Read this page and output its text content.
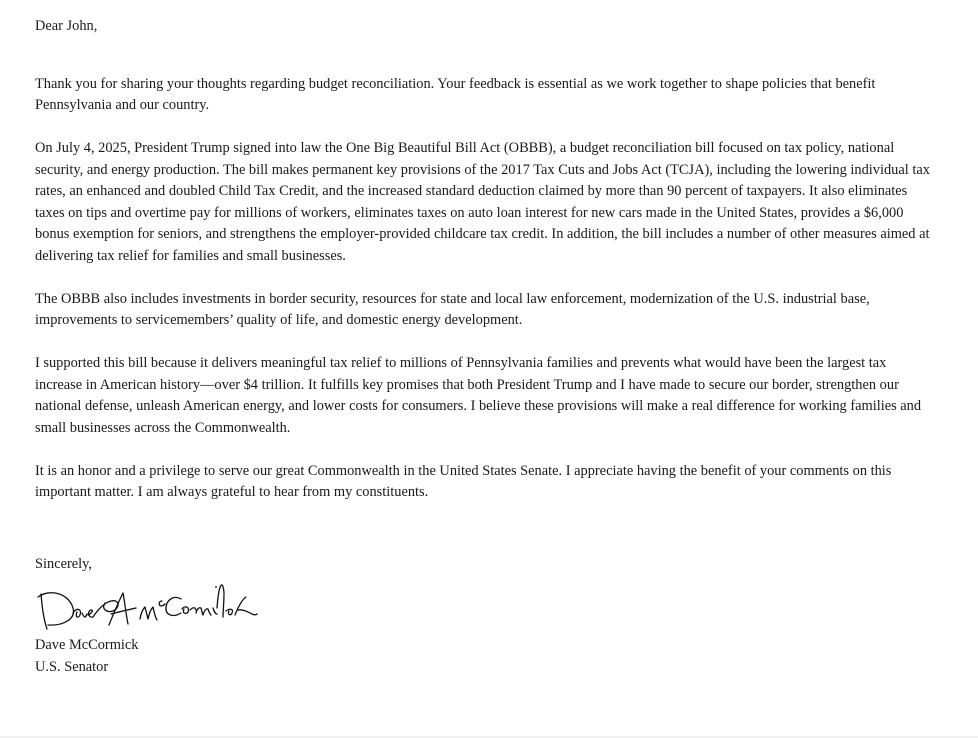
Dear John,

Thank you for sharing your thoughts regarding budget reconciliation. Your feedback is essential as we work together to shape policies that benefit Pennsylvania and our country.

On July 4, 2025, President Trump signed into law the One Big Beautiful Bill Act (OBBB), a budget reconciliation bill focused on tax policy, national security, and energy production. The bill makes permanent key provisions of the 2017 Tax Cuts and Jobs Act (TCJA), including the lowering individual tax rates, an enhanced and doubled Child Tax Credit, and the increased standard deduction claimed by more than 90 percent of taxpayers. It also eliminates taxes on tips and overtime pay for millions of workers, eliminates taxes on auto loan interest for new cars made in the United States, provides a $6,000 bonus exemption for seniors, and strengthens the employer-provided childcare tax credit. In addition, the bill includes a number of other measures aimed at delivering tax relief for families and small businesses.

The OBBB also includes investments in border security, resources for state and local law enforcement, modernization of the U.S. industrial base, improvements to servicemembers’ quality of life, and domestic energy development.

I supported this bill because it delivers meaningful tax relief to millions of Pennsylvania families and prevents what would have been the largest tax increase in American history—over $4 trillion. It fulfills key promises that both President Trump and I have made to secure our border, strengthen our national defense, unleash American energy, and lower costs for consumers. I believe these provisions will make a real difference for working families and small businesses across the Commonwealth.

It is an honor and a privilege to serve our great Commonwealth in the United States Senate. I appreciate having the benefit of your comments on this important matter. I am always grateful to hear from my constituents.

Sincerely,

Dave McCormick

U.S. Senator
